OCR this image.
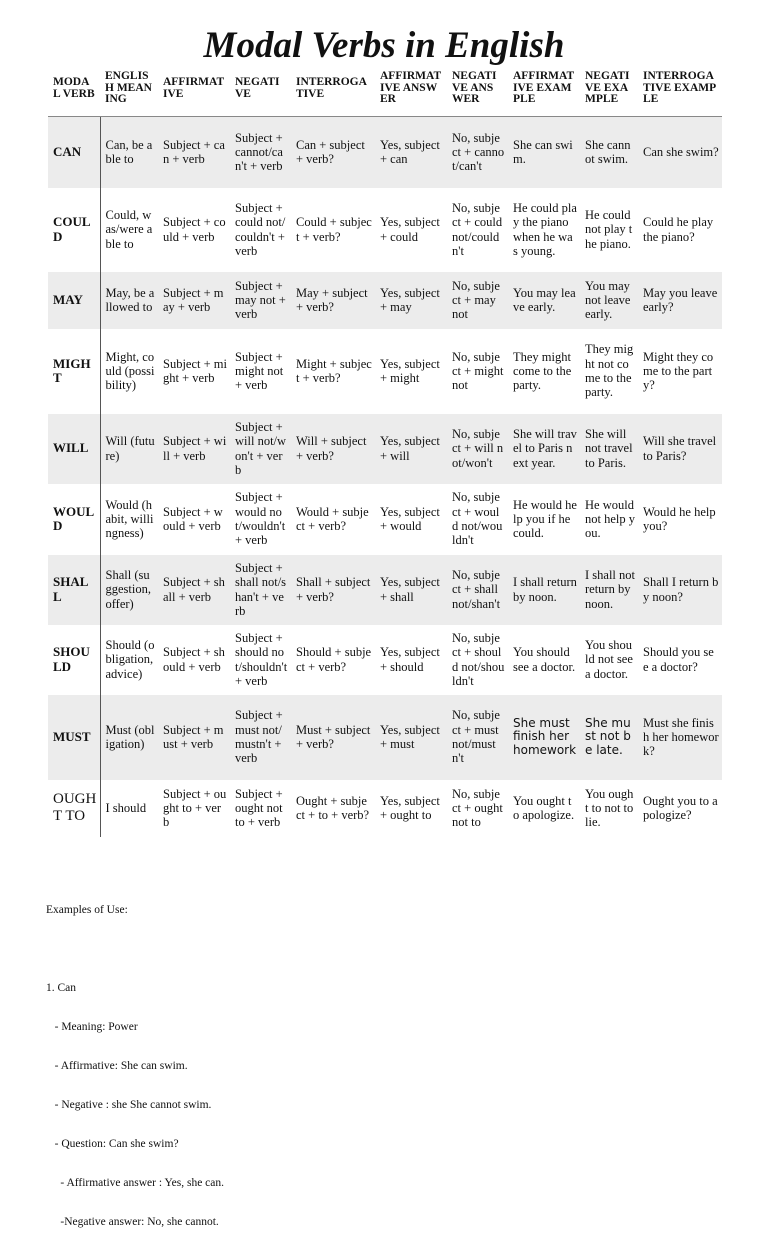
Modal Verbs in English
MODAL VERB	ENGLISH MEANING	AFFIRMATIVE	NEGATIVE	INTERROGATIVE	AFFIRMATIVE ANSWER	NEGATIVE ANSWER	AFFIRMATIVE EXAMPLE	NEGATIVE EXAMPLE	INTERROGATIVE EXAMPLE
CAN	Can, be able to	Subject + can + verb	Subject + cannot/can't + verb	Can + subject + verb?	Yes, subject + can	No, subject + cannot/can't	She can swim.	She cannot swim.	Can she swim?
COULD	Could, was/were able to	Subject + could + verb	Subject + could not/couldn't + verb	Could + subject + verb?	Yes, subject + could	No, subject + could not/couldn't	He could play the piano when he was young.	He could not play the piano.	Could he play the piano?
MAY	May, be allowed to	Subject + may + verb	Subject + may not + verb	May + subject + verb?	Yes, subject + may	No, subject + may not	You may leave early.	You may not leave early.	May you leave early?
MIGHT	Might, could (possibility)	Subject + might + verb	Subject + might not + verb	Might + subject + verb?	Yes, subject + might	No, subject + might not	They might come to the party.	They might not come to the party.	Might they come to the party?
WILL	Will (future)	Subject + will + verb	Subject + will not/won't + verb	Will + subject + verb?	Yes, subject + will	No, subject + will not/won't	She will travel to Paris next year.	She will not travel to Paris.	Will she travel to Paris?
WOULD	Would (habit, willingness)	Subject + would + verb	Subject + would not/wouldn't + verb	Would + subject + verb?	Yes, subject + would	No, subject + would not/wouldn't	He would help you if he could.	He would not help you.	Would he help you?
SHALL	Shall (suggestion, offer)	Subject + shall + verb	Subject + shall not/shan't + verb	Shall + subject + verb?	Yes, subject + shall	No, subject + shall not/shan't	I shall return by noon.	I shall not return by noon.	Shall I return by noon?
SHOULD	Should (obligation, advice)	Subject + should + verb	Subject + should not/shouldn't + verb	Should + subject + verb?	Yes, subject + should	No, subject + should not/shouldn't	You should see a doctor.	You should not see a doctor.	Should you see a doctor?
MUST	Must (obligation)	Subject + must + verb	Subject + must not/mustn't + verb	Must + subject + verb?	Yes, subject + must	No, subject + must not/mustn't	She must finish her homework	She must not be late.	Must she finish her homework?
OUGHT TO	I should	Subject + ought to + verb	Subject + ought not to + verb	Ought + subject + to + verb?	Yes, subject + ought to	No, subject + ought not to	You ought to apologize.	You ought to not to lie.	Ought you to apologize?

Examples of Use:

1. Can

- Meaning: Power

- Affirmative: She can swim.

- Negative : she She cannot swim.

- Question: Can she swim?

- Affirmative answer : Yes, she can.

-Negative answer: No, she cannot.
